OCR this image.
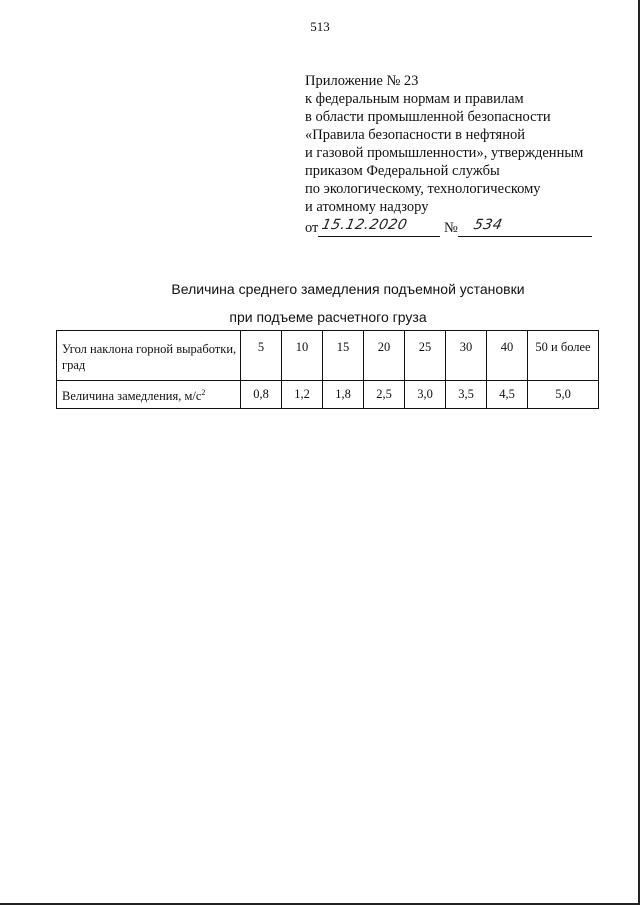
513
Приложение № 23
к федеральным нормам и правилам
в области промышленной безопасности
«Правила безопасности в нефтяной
и газовой промышленности», утвержденным
приказом Федеральной службы
по экологическому, технологическому
и атомному надзору
от 15.12.2020 № 534
Величина среднего замедления подъемной установки
при подъеме расчетного груза
Угол наклона горной выработки, град	5	10	15	20	25	30	40	50 и более
Величина замедления, $м/с^2$	0,8	1,2	1,8	2,5	3,0	3,5	4,5	5,0
